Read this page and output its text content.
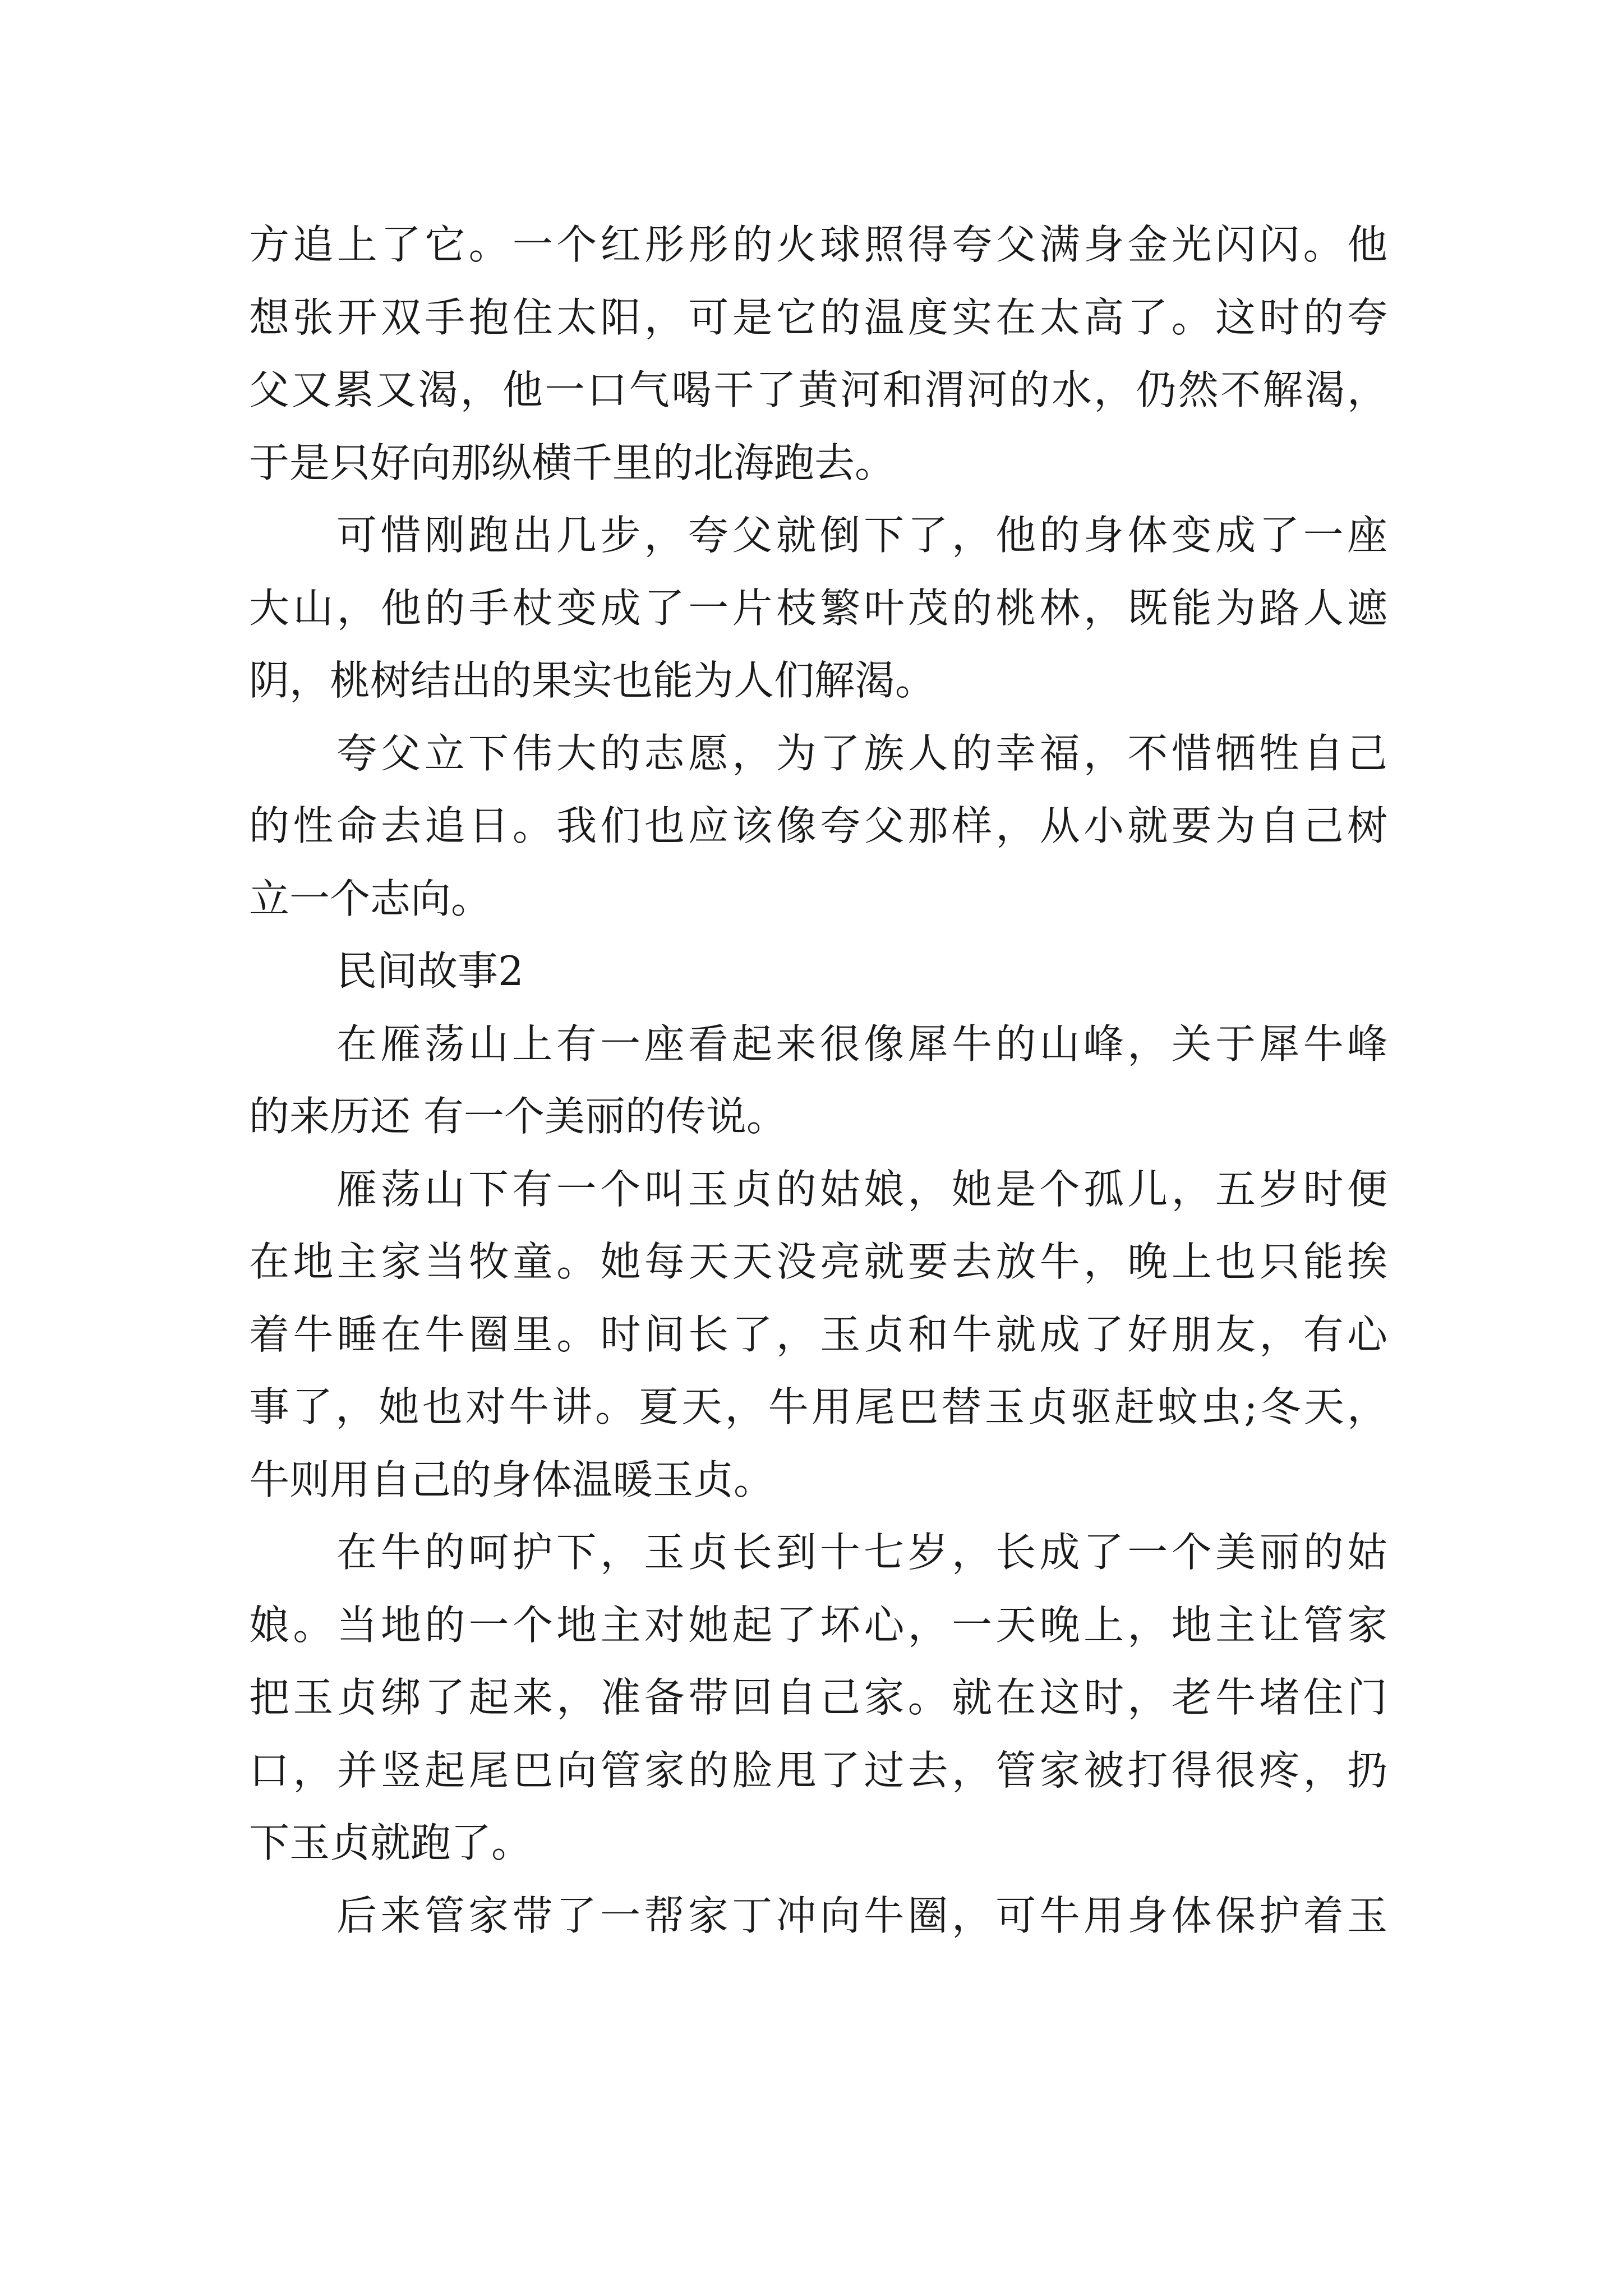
方追上了它。一个红彤彤的火球照得夸父满身金光闪闪。他
想张开双手抱住太阳，可是它的温度实在太高了。这时的夸
父又累又渴，他一口气喝干了黄河和渭河的水，仍然不解渴，
于是只好向那纵横千里的北海跑去。
可惜刚跑出几步，夸父就倒下了，他的身体变成了一座
大山，他的手杖变成了一片枝繁叶茂的桃林，既能为路人遮
阴，桃树结出的果实也能为人们解渴。
夸父立下伟大的志愿，为了族人的幸福，不惜牺牲自己
的性命去追日。我们也应该像夸父那样，从小就要为自己树
立一个志向。
民间故事2
在雁荡山上有一座看起来很像犀牛的山峰，关于犀牛峰
的来历还 有一个美丽的传说。
雁荡山下有一个叫玉贞的姑娘，她是个孤儿，五岁时便
在地主家当牧童。她每天天没亮就要去放牛，晚上也只能挨
着牛睡在牛圈里。时间长了，玉贞和牛就成了好朋友，有心
事了，她也对牛讲。夏天，牛用尾巴替玉贞驱赶蚊虫;冬天，
牛则用自己的身体温暖玉贞。
在牛的呵护下，玉贞长到十七岁，长成了一个美丽的姑
娘。当地的一个地主对她起了坏心，一天晚上，地主让管家
把玉贞绑了起来，准备带回自己家。就在这时，老牛堵住门
口，并竖起尾巴向管家的脸甩了过去，管家被打得很疼，扔
下玉贞就跑了。
后来管家带了一帮家丁冲向牛圈，可牛用身体保护着玉
